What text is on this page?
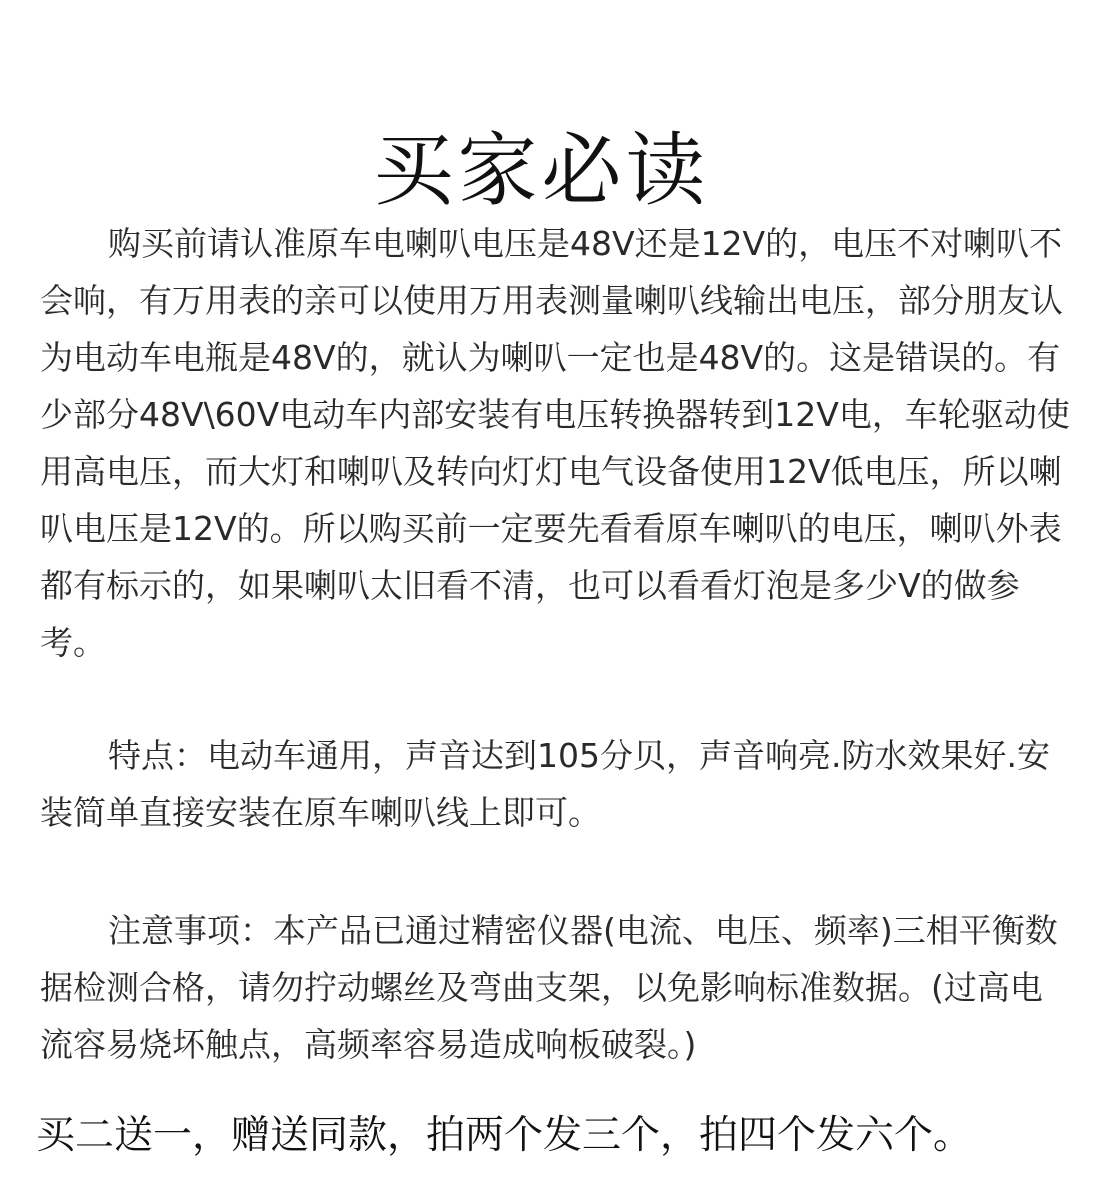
买家必读

购买前请认准原车电喇叭电压是48V还是12V的，电压不对喇叭不会响，有万用表的亲可以使用万用表测量喇叭线输出电压，部分朋友认为电动车电瓶是48V的，就认为喇叭一定也是48V的。这是错误的。有少部分48V\60V电动车内部安装有电压转换器转到12V电，车轮驱动使用高电压，而大灯和喇叭及转向灯灯电气设备使用12V低电压，所以喇叭电压是12V的。所以购买前一定要先看看原车喇叭的电压，喇叭外表都有标示的，如果喇叭太旧看不清，也可以看看灯泡是多少V的做参考。

特点：电动车通用，声音达到105分贝，声音响亮.防水效果好.安装简单直接安装在原车喇叭线上即可。

注意事项：本产品已通过精密仪器(电流、电压、频率)三相平衡数据检测合格，请勿拧动螺丝及弯曲支架，以免影响标准数据。(过高电流容易烧坏触点，高频率容易造成响板破裂。)

买二送一，赠送同款，拍两个发三个，拍四个发六个。
